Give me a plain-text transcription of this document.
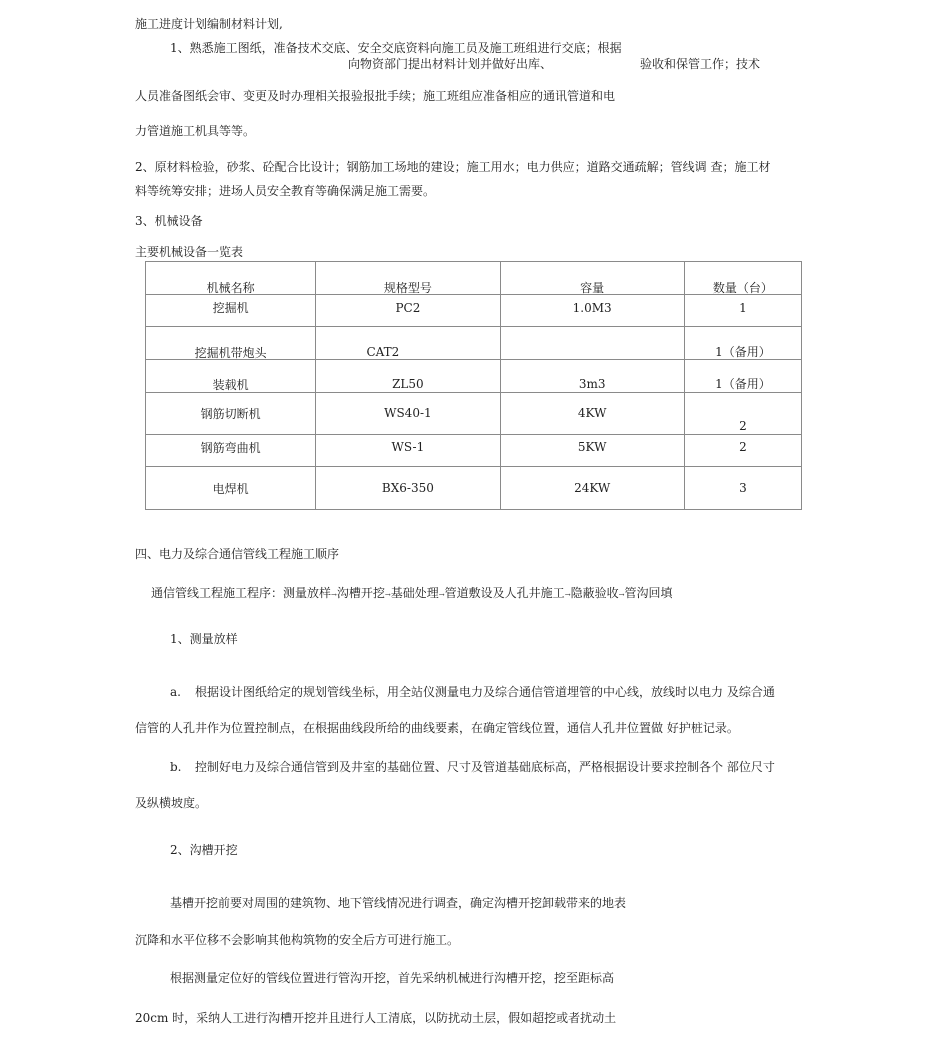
施工进度计划编制材料计划,
1、熟悉施工图纸，准备技术交底、安全交底资料向施工员及施工班组进行交底；根据
向物资部门提出材料计划并做好出库、	验收和保管工作；技术
人员准备图纸会审、变更及时办理相关报验报批手续；施工班组应准备相应的通讯管道和电
力管道施工机具等等。
2、原材料检验，砂浆、砼配合比设计；钢筋加工场地的建设；施工用水；电力供应；道路交通疏解；管线调 查；施工材
料等统筹安排；进场人员安全教育等确保满足施工需要。
3、机械设备
主要机械设备一览表
机械名称	规格型号	容量	数量（台）

挖掘机	PC2	1.0M3	1

挖掘机带炮头	CAT2		1（备用）

装载机	ZL50	3m3	1（备用）

钢筋切断机	WS40-1	4KW	2

钢筋弯曲机	WS-1	5KW	2

电焊机	BX6-350	24KW	3
四、电力及综合通信管线工程施工顺序
通信管线工程施工程序：测量放样→沟槽开挖→基础处理→管道敷设及人孔井施工→隐蔽验收→管沟回填
1、测量放样
a. 根据设计图纸给定的规划管线坐标，用全站仪测量电力及综合通信管道埋管的中心线，放线时以电力 及综合通
信管的人孔井作为位置控制点，在根据曲线段所给的曲线要素，在确定管线位置，通信人孔井位置做 好护桩记录。
b. 控制好电力及综合通信管到及井室的基础位置、尺寸及管道基础底标高，严格根据设计要求控制各个 部位尺寸
及纵横坡度。
2、沟槽开挖
基槽开挖前要对周围的建筑物、地下管线情况进行调查，确定沟槽开挖卸载带来的地表
沉降和水平位移不会影响其他构筑物的安全后方可进行施工。
根据测量定位好的管线位置进行管沟开挖，首先采纳机械进行沟槽开挖，挖至距标高
20cm 时，采纳人工进行沟槽开挖并且进行人工清底，以防扰动土层，假如超挖或者扰动土
